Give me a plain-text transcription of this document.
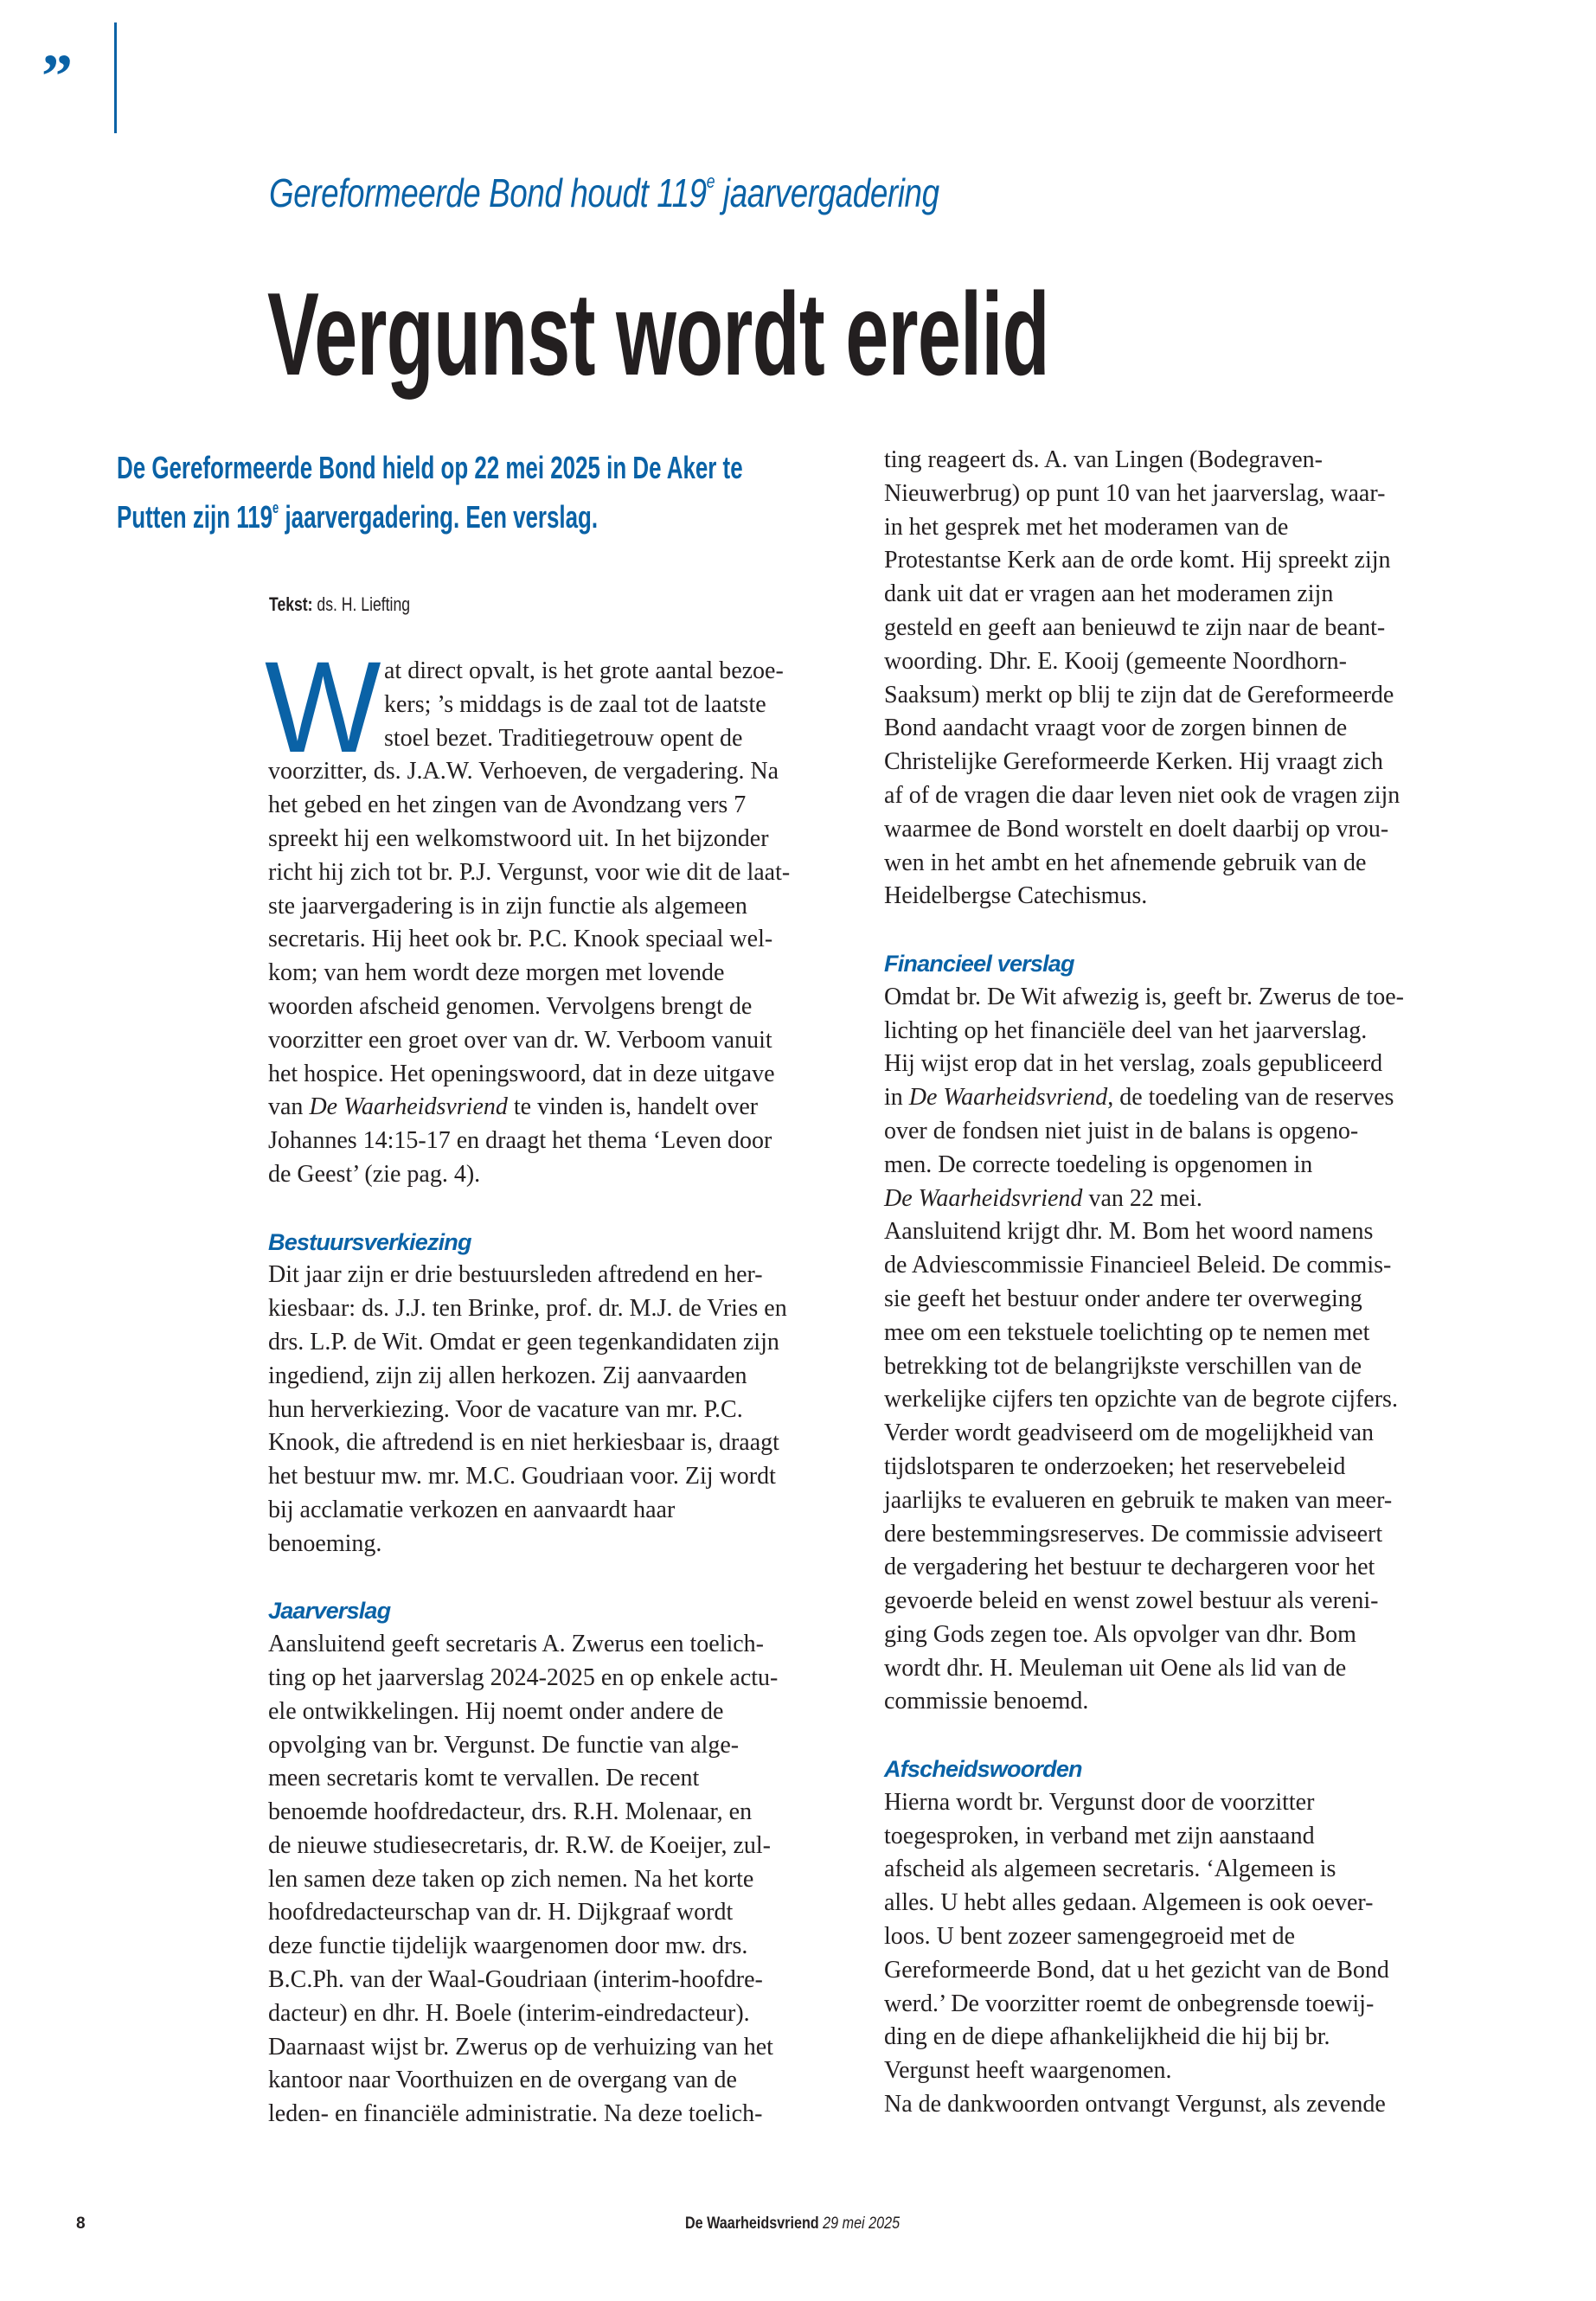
”
Gereformeerde Bond houdt 119e jaarvergadering
Vergunst wordt erelid
De Gereformeerde Bond hield op 22 mei 2025 in De Aker te
Putten zijn 119e jaarvergadering. Een verslag.
Tekst: ds. H. Liefting
W at direct opvalt, is het grote aantal bezoe-
kers; ’s middags is de zaal tot de laatste
stoel bezet. Traditiegetrouw opent de
voorzitter, ds. J.A.W. Verhoeven, de vergadering. Na
het gebed en het zingen van de Avondzang vers 7
spreekt hij een welkomstwoord uit. In het bijzonder
richt hij zich tot br. P.J. Vergunst, voor wie dit de laat-
ste jaarvergadering is in zijn functie als algemeen
secretaris. Hij heet ook br. P.C. Knook speciaal wel-
kom; van hem wordt deze morgen met lovende
woorden afscheid genomen. Vervolgens brengt de
voorzitter een groet over van dr. W. Verboom vanuit
het hospice. Het openingswoord, dat in deze uitgave
van De Waarheidsvriend te vinden is, handelt over
Johannes 14:15-17 en draagt het thema ‘Leven door
de Geest’ (zie pag. 4).
Bestuursverkiezing
Dit jaar zijn er drie bestuursleden aftredend en her-
kiesbaar: ds. J.J. ten Brinke, prof. dr. M.J. de Vries en
drs. L.P. de Wit. Omdat er geen tegenkandidaten zijn
ingediend, zijn zij allen herkozen. Zij aanvaarden
hun herverkiezing. Voor de vacature van mr. P.C.
Knook, die aftredend is en niet herkiesbaar is, draagt
het bestuur mw. mr. M.C. Goudriaan voor. Zij wordt
bij acclamatie verkozen en aanvaardt haar
benoeming.
Jaarverslag
Aansluitend geeft secretaris A. Zwerus een toelich-
ting op het jaarverslag 2024-2025 en op enkele actu-
ele ontwikkelingen. Hij noemt onder andere de
opvolging van br. Vergunst. De functie van alge-
meen secretaris komt te vervallen. De recent
benoemde hoofdredacteur, drs. R.H. Molenaar, en
de nieuwe studiesecretaris, dr. R.W. de Koeijer, zul-
len samen deze taken op zich nemen. Na het korte
hoofdredacteurschap van dr. H. Dijkgraaf wordt
deze functie tijdelijk waargenomen door mw. drs.
B.C.Ph. van der Waal-Goudriaan (interim-hoofdre-
dacteur) en dhr. H. Boele (interim-eindredacteur).
Daarnaast wijst br. Zwerus op de verhuizing van het
kantoor naar Voorthuizen en de overgang van de
leden- en financiële administratie. Na deze toelich-
ting reageert ds. A. van Lingen (Bodegraven-
Nieuwerbrug) op punt 10 van het jaarverslag, waar-
in het gesprek met het moderamen van de
Protestantse Kerk aan de orde komt. Hij spreekt zijn
dank uit dat er vragen aan het moderamen zijn
gesteld en geeft aan benieuwd te zijn naar de beant-
woording. Dhr. E. Kooij (gemeente Noordhorn-
Saaksum) merkt op blij te zijn dat de Gereformeerde
Bond aandacht vraagt voor de zorgen binnen de
Christelijke Gereformeerde Kerken. Hij vraagt zich
af of de vragen die daar leven niet ook de vragen zijn
waarmee de Bond worstelt en doelt daarbij op vrou-
wen in het ambt en het afnemende gebruik van de
Heidelbergse Catechismus.
Financieel verslag
Omdat br. De Wit afwezig is, geeft br. Zwerus de toe-
lichting op het financiële deel van het jaarverslag.
Hij wijst erop dat in het verslag, zoals gepubliceerd
in De Waarheidsvriend, de toedeling van de reserves
over de fondsen niet juist in de balans is opgeno-
men. De correcte toedeling is opgenomen in
De Waarheidsvriend van 22 mei.
Aansluitend krijgt dhr. M. Bom het woord namens
de Adviescommissie Financieel Beleid. De commis-
sie geeft het bestuur onder andere ter overweging
mee om een tekstuele toelichting op te nemen met
betrekking tot de belangrijkste verschillen van de
werkelijke cijfers ten opzichte van de begrote cijfers.
Verder wordt geadviseerd om de mogelijkheid van
tijdslotsparen te onderzoeken; het reservebeleid
jaarlijks te evalueren en gebruik te maken van meer-
dere bestemmingsreserves. De commissie adviseert
de vergadering het bestuur te dechargeren voor het
gevoerde beleid en wenst zowel bestuur als vereni-
ging Gods zegen toe. Als opvolger van dhr. Bom
wordt dhr. H. Meuleman uit Oene als lid van de
commissie benoemd.
Afscheidswoorden
Hierna wordt br. Vergunst door de voorzitter
toegesproken, in verband met zijn aanstaand
afscheid als algemeen secretaris. ‘Algemeen is
alles. U hebt alles gedaan. Algemeen is ook oever-
loos. U bent zozeer samengegroeid met de
Gereformeerde Bond, dat u het gezicht van de Bond
werd.’ De voorzitter roemt de onbegrensde toewij-
ding en de diepe afhankelijkheid die hij bij br.
Vergunst heeft waargenomen.
Na de dankwoorden ontvangt Vergunst, als zevende
8	De Waarheidsvriend 29 mei 2025
